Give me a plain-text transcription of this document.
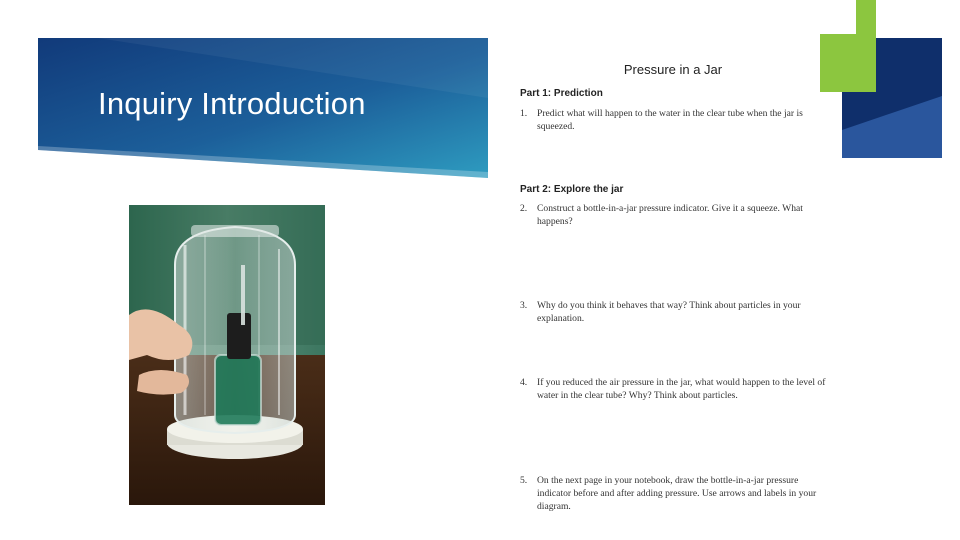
Inquiry Introduction
Pressure in a Jar
Part 1: Prediction
1.	Predict what will happen to the water in the clear tube when the jar is squeezed.
Part 2: Explore the jar
2.	Construct a bottle-in-a-jar pressure indicator. Give it a squeeze. What happens?
3.	Why do you think it behaves that way? Think about particles in your explanation.
4.	If you reduced the air pressure in the jar, what would happen to the level of water in the clear tube? Why? Think about particles.
5.	On the next page in your notebook, draw the bottle-in-a-jar pressure indicator before and after adding pressure. Use arrows and labels in your diagram.
